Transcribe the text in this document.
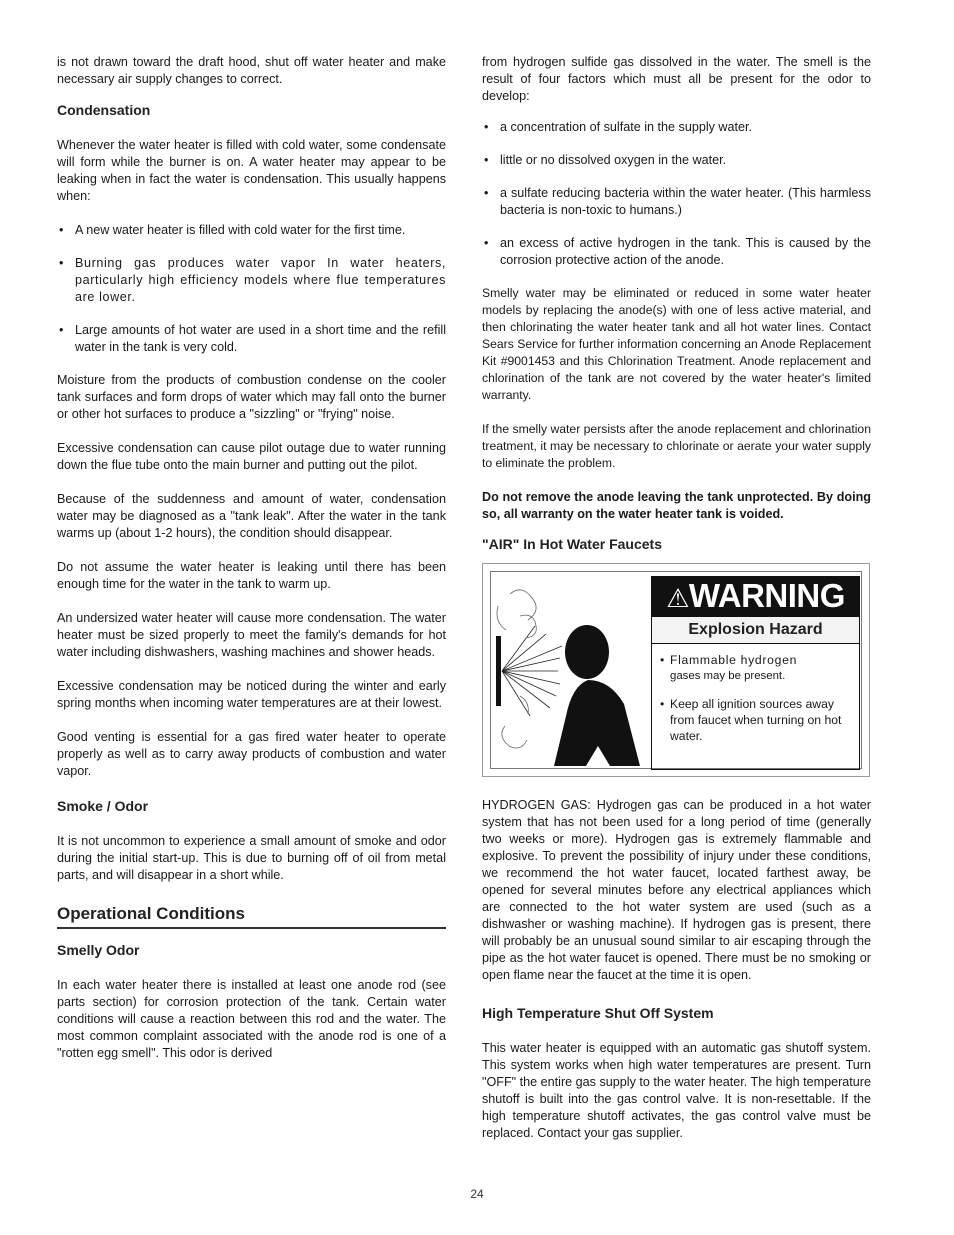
is not drawn toward the draft hood, shut off water heater and make necessary air supply changes to correct.

Condensation

Whenever the water heater is filled with cold water, some condensate will form while the burner is on. A water heater may appear to be leaking when in fact the water is condensation. This usually happens when:

• A new water heater is filled with cold water for the first time.
• Burning gas produces water vapor In water heaters, particularly high efficiency models where flue temperatures are lower.
• Large amounts of hot water are used in a short time and the refill water in the tank is very cold.

Moisture from the products of combustion condense on the cooler tank surfaces and form drops of water which may fall onto the burner or other hot surfaces to produce a "sizzling" or "frying" noise.

Excessive condensation can cause pilot outage due to water running down the flue tube onto the main burner and putting out the pilot.

Because of the suddenness and amount of water, condensation water may be diagnosed as a "tank leak". After the water in the tank warms up (about 1-2 hours), the condition should disappear.

Do not assume the water heater is leaking until there has been enough time for the water in the tank to warm up.

An undersized water heater will cause more condensation. The water heater must be sized properly to meet the family's demands for hot water including dishwashers, washing machines and shower heads.

Excessive condensation may be noticed during the winter and early spring months when incoming water temperatures are at their lowest.

Good venting is essential for a gas fired water heater to operate properly as well as to carry away products of combustion and water vapor.

Smoke / Odor

It is not uncommon to experience a small amount of smoke and odor during the initial start-up. This is due to burning off of oil from metal parts, and will disappear in a short while.

Operational Conditions
Smelly Odor

In each water heater there is installed at least one anode rod (see parts section) for corrosion protection of the tank. Certain water conditions will cause a reaction between this rod and the water. The most common complaint associated with the anode rod is one of a "rotten egg smell". This odor is derived

from hydrogen sulfide gas dissolved in the water. The smell is the result of four factors which must all be present for the odor to develop:

• a concentration of sulfate in the supply water.
• little or no dissolved oxygen in the water.
• a sulfate reducing bacteria within the water heater. (This harmless bacteria is non-toxic to humans.)
• an excess of active hydrogen in the tank. This is caused by the corrosion protective action of the anode.

Smelly water may be eliminated or reduced in some water heater models by replacing the anode(s) with one of less active material, and then chlorinating the water heater tank and all hot water lines. Contact Sears Service for further information concerning an Anode Replacement Kit #9001453 and this Chlorination Treatment. Anode replacement and chlorination of the tank are not covered by the water heater's limited warranty.

If the smelly water persists after the anode replacement and chlorination treatment, it may be necessary to chlorinate or aerate your water supply to eliminate the problem.

Do not remove the anode leaving the tank unprotected. By doing so, all warranty on the water heater tank is voided.

"AIR" In Hot Water Faucets
⚠WARNING
Explosion Hazard
• Flammable hydrogen
gases may be present.
• Keep all ignition sources away from faucet when turning on hot water.

HYDROGEN GAS: Hydrogen gas can be produced in a hot water system that has not been used for a long period of time (generally two weeks or more). Hydrogen gas is extremely flammable and explosive. To prevent the possibility of injury under these conditions, we recommend the hot water faucet, located farthest away, be opened for several minutes before any electrical appliances which are connected to the hot water system are used (such as a dishwasher or washing machine). If hydrogen gas is present, there will probably be an unusual sound similar to air escaping through the pipe as the hot water faucet is opened. There must be no smoking or open flame near the faucet at the time it is open.

High Temperature Shut Off System

This water heater is equipped with an automatic gas shutoff system. This system works when high water temperatures are present. Turn "OFF" the entire gas supply to the water heater. The high temperature shutoff is built into the gas control valve. It is non-resettable. If the high temperature shutoff activates, the gas control valve must be replaced. Contact your gas supplier.

24
